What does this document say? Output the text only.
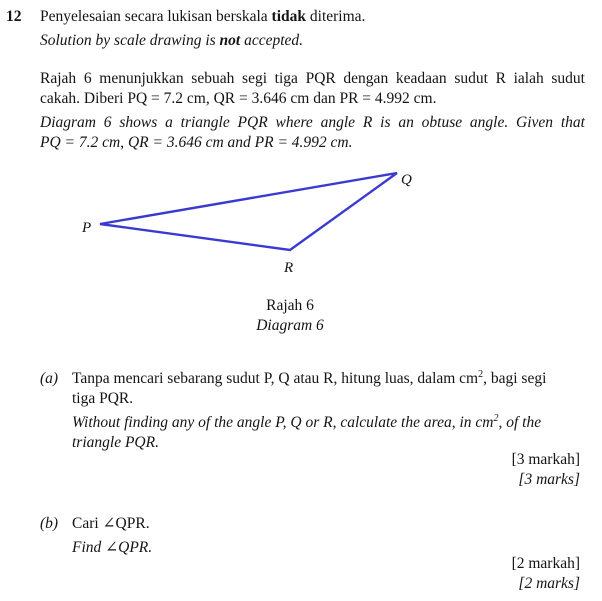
12 Penyelesaian secara lukisan berskala tidak diterima.
Solution by scale drawing is not accepted.
Rajah 6 menunjukkan sebuah segi tiga PQR dengan keadaan sudut R ialah sudut
cakah. Diberi PQ = 7.2 cm, QR = 3.646 cm dan PR = 4.992 cm.
Diagram 6 shows a triangle PQR where angle R is an obtuse angle. Given that
PQ = 7.2 cm, QR = 3.646 cm and PR = 4.992 cm.
P
Q
R
Rajah 6
Diagram 6
(a) Tanpa mencari sebarang sudut P, Q atau R, hitung luas, dalam $cm^2$, bagi segi
tiga PQR.
Without finding any of the angle P, Q or R, calculate the area, in $cm^2$, of the
triangle PQR.
[3 markah]
[3 marks]
(b) Cari ∠QPR.
Find ∠QPR.
[2 markah]
[2 marks]
